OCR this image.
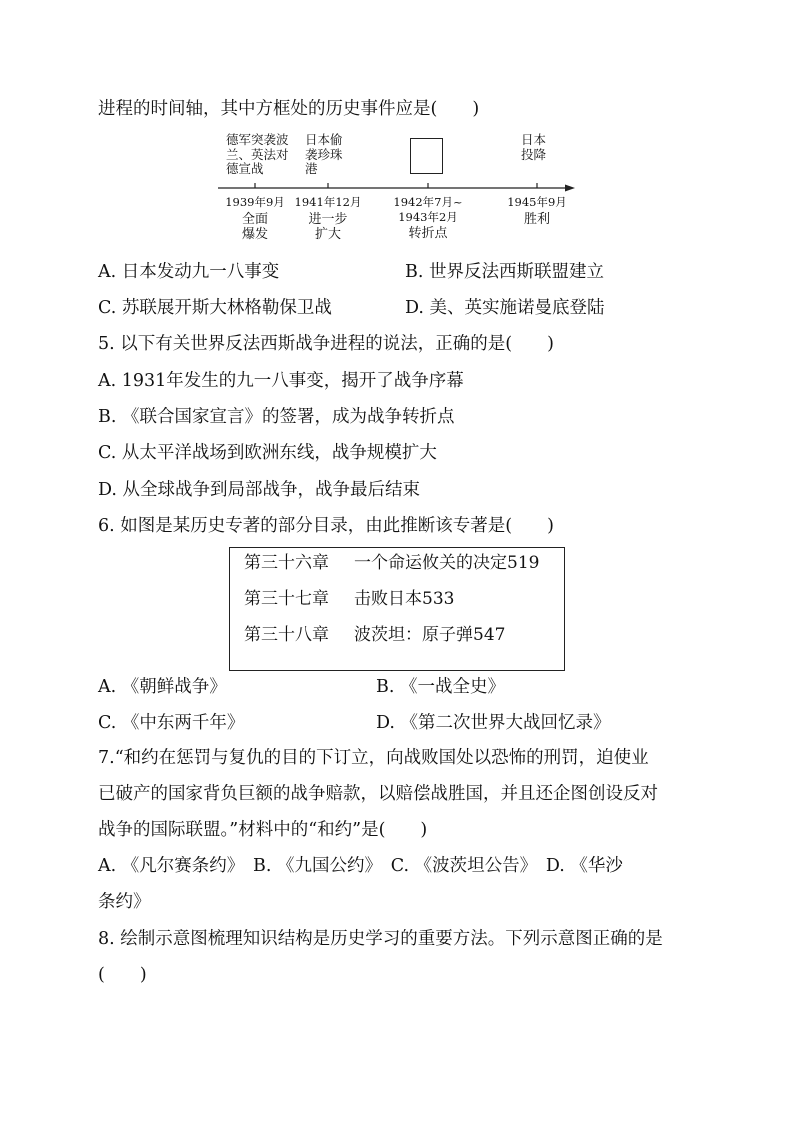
进程的时间轴，其中方框处的历史事件应是(　　)
德军突袭波
兰、英法对
德宣战
日本偷
袭珍珠
港
日本
投降
1939年9月 1941年12月	1942年7月~
1943年2月
1945年9月
全面
爆发
进一步
扩大	转折点
胜利
A. 日本发动九一八事变	B. 世界反法西斯联盟建立
C. 苏联展开斯大林格勒保卫战	D. 美、英实施诺曼底登陆
5. 以下有关世界反法西斯战争进程的说法，正确的是(　　)
A. 1931年发生的九一八事变，揭开了战争序幕
B. 《联合国家宣言》的签署，成为战争转折点
C. 从太平洋战场到欧洲东线，战争规模扩大
D. 从全球战争到局部战争，战争最后结束
6. 如图是某历史专著的部分目录，由此推断该专著是(　　)
第三十六章 一个命运攸关的决定519
第三十七章 击败日本533
第三十八章 波茨坦：原子弹547
A. 《朝鲜战争》	B. 《一战全史》
C. 《中东两千年》	D. 《第二次世界大战回忆录》
7.“和约在惩罚与复仇的目的下订立，向战败国处以恐怖的刑罚，迫使业
已破产的国家背负巨额的战争赔款，以赔偿战胜国，并且还企图创设反对
战争的国际联盟。”材料中的“和约”是(　　)
A. 《凡尔赛条约》　B. 《九国公约》　C. 《波茨坦公告》　D. 《华沙
条约》
8. 绘制示意图梳理知识结构是历史学习的重要方法。下列示意图正确的是
(　　)
